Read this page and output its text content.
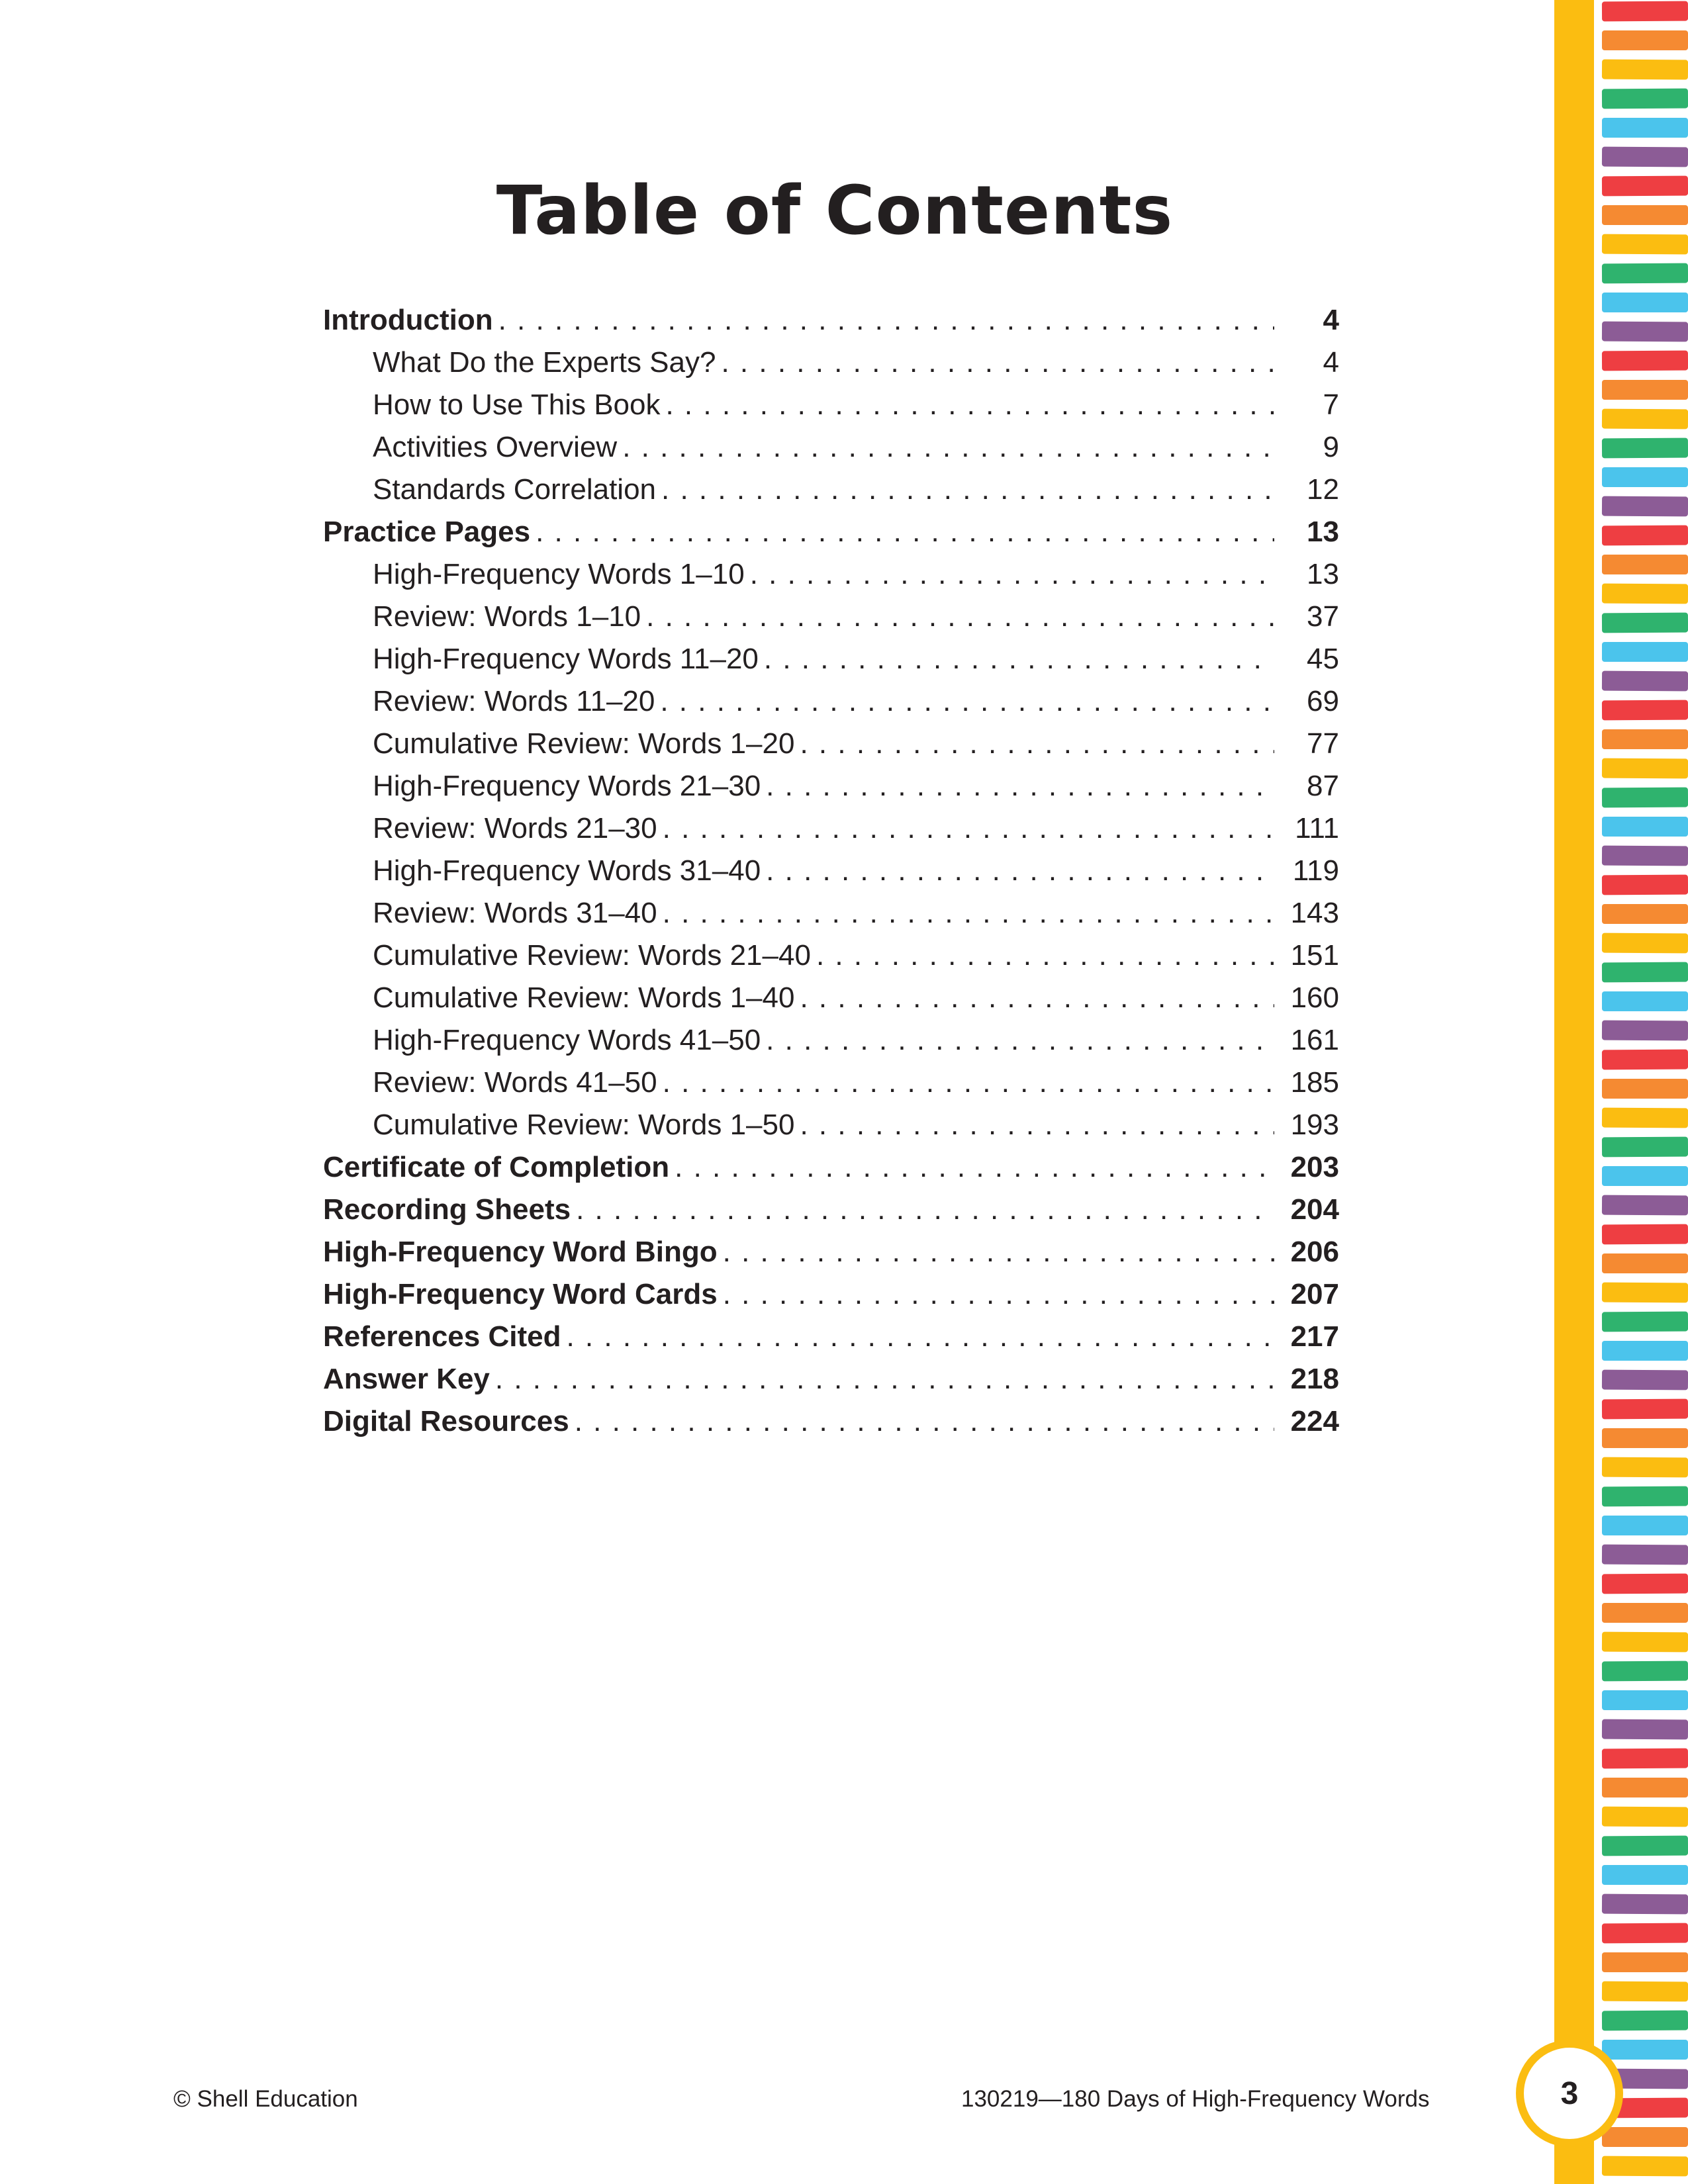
Table of Contents
Introduction . . .	4
What Do the Experts Say? . . .	4
How to Use This Book . . .	7
Activities Overview . . .	9
Standards Correlation . . .	12
Practice Pages . . .	13
High-Frequency Words 1–10 . . .	13
Review: Words 1–10 . . .	37
High-Frequency Words 11–20 . . .	45
Review: Words 11–20 . . .	69
Cumulative Review: Words 1–20 . . .	77
High-Frequency Words 21–30 . . .	87
Review: Words 21–30 . . .	111
High-Frequency Words 31–40 . . .	119
Review: Words 31–40 . . .	143
Cumulative Review: Words 21–40 . . .	151
Cumulative Review: Words 1–40 . . .	160
High-Frequency Words 41–50 . . .	161
Review: Words 41–50 . . .	185
Cumulative Review: Words 1–50 . . .	193
Certificate of Completion . . .	203
Recording Sheets . . .	204
High-Frequency Word Bingo . . .	206
High-Frequency Word Cards . . .	207
References Cited . . .	217
Answer Key . . .	218
Digital Resources . . .	224
© Shell Education	130219—180 Days of High-Frequency Words	3
